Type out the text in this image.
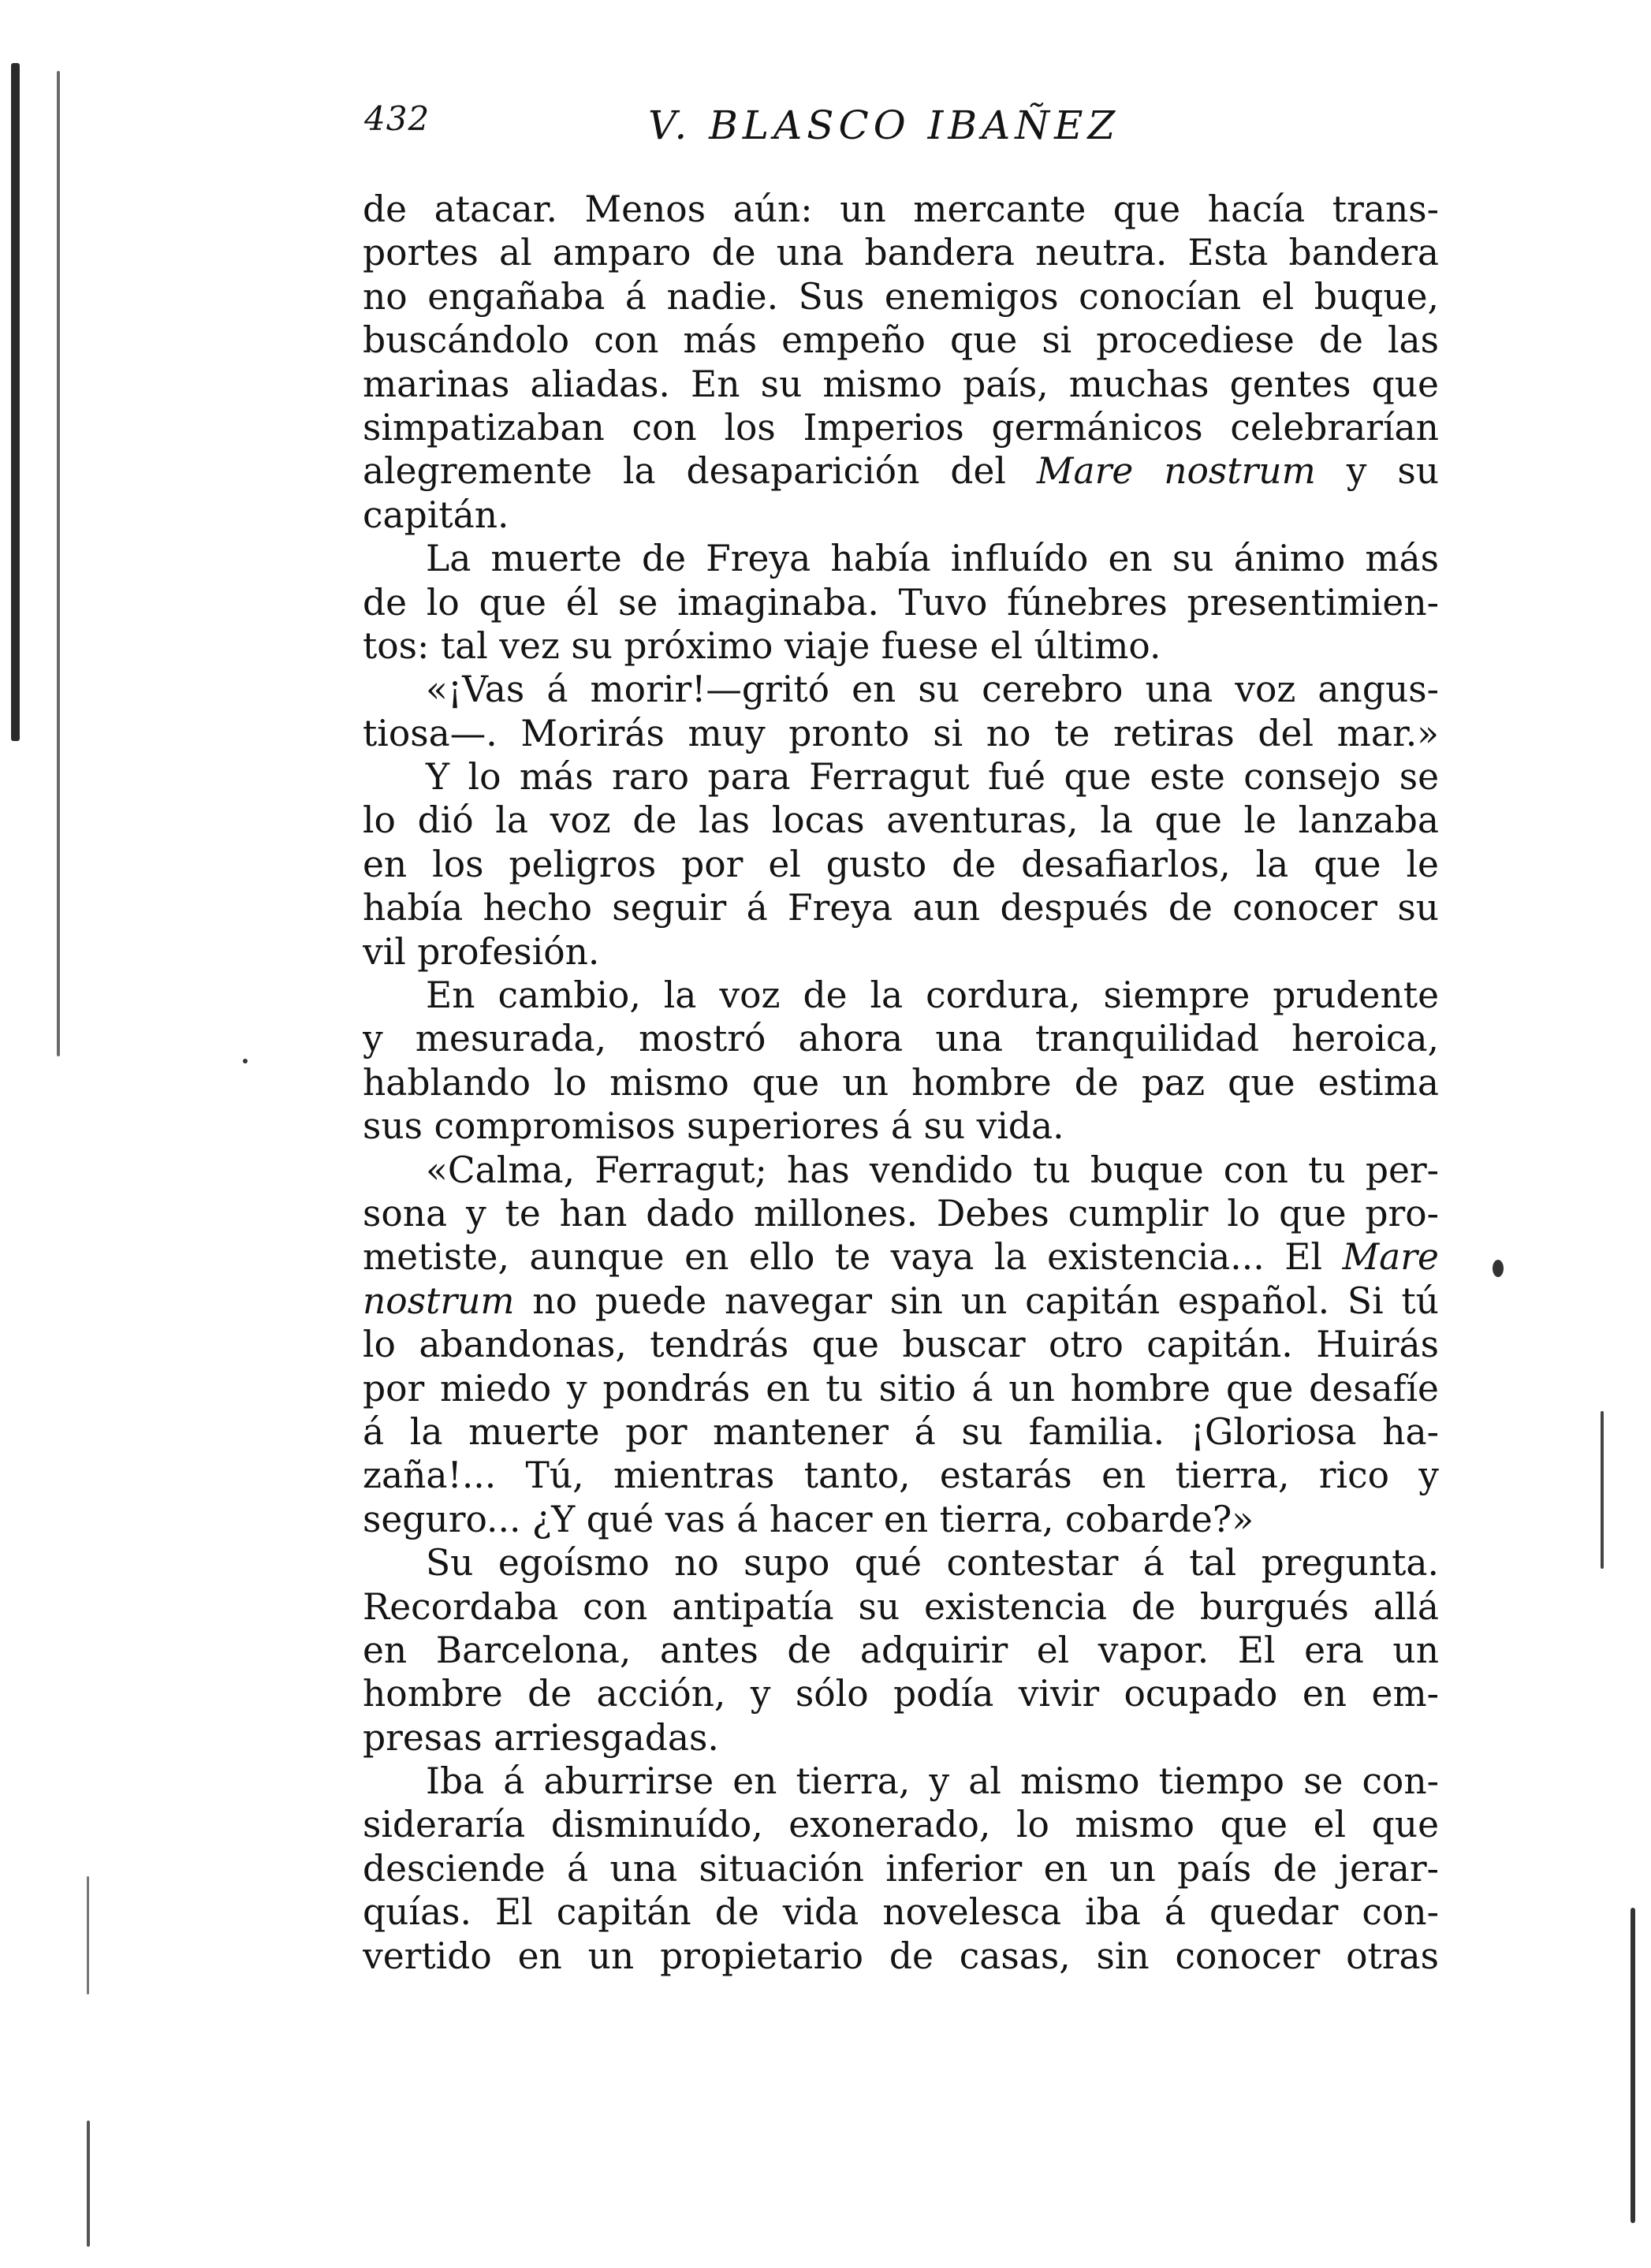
432	V. BLASCO IBAÑEZ
de atacar. Menos aún: un mercante que hacía trans-
portes al amparo de una bandera neutra. Esta bandera
no engañaba á nadie. Sus enemigos conocían el buque,
buscándolo con más empeño que si procediese de las
marinas aliadas. En su mismo país, muchas gentes que
simpatizaban con los Imperios germánicos celebrarían
alegremente la desaparición del Mare nostrum y su
capitán.
La muerte de Freya había influído en su ánimo más
de lo que él se imaginaba. Tuvo fúnebres presentimien-
tos: tal vez su próximo viaje fuese el último.
«¡Vas á morir!—gritó en su cerebro una voz angus-
tiosa—. Morirás muy pronto si no te retiras del mar.»
Y lo más raro para Ferragut fué que este consejo se
lo dió la voz de las locas aventuras, la que le lanzaba
en los peligros por el gusto de desafiarlos, la que le
había hecho seguir á Freya aun después de conocer su
vil profesión.
En cambio, la voz de la cordura, siempre prudente
y mesurada, mostró ahora una tranquilidad heroica,
hablando lo mismo que un hombre de paz que estima
sus compromisos superiores á su vida.
«Calma, Ferragut; has vendido tu buque con tu per-
sona y te han dado millones. Debes cumplir lo que pro-
metiste, aunque en ello te vaya la existencia... El Mare
nostrum no puede navegar sin un capitán español. Si tú
lo abandonas, tendrás que buscar otro capitán. Huirás
por miedo y pondrás en tu sitio á un hombre que desafíe
á la muerte por mantener á su familia. ¡Gloriosa ha-
zaña!... Tú, mientras tanto, estarás en tierra, rico y
seguro... ¿Y qué vas á hacer en tierra, cobarde?»
Su egoísmo no supo qué contestar á tal pregunta.
Recordaba con antipatía su existencia de burgués allá
en Barcelona, antes de adquirir el vapor. El era un
hombre de acción, y sólo podía vivir ocupado en em-
presas arriesgadas.
Iba á aburrirse en tierra, y al mismo tiempo se con-
sideraría disminuído, exonerado, lo mismo que el que
desciende á una situación inferior en un país de jerar-
quías. El capitán de vida novelesca iba á quedar con-
vertido en un propietario de casas, sin conocer otras
